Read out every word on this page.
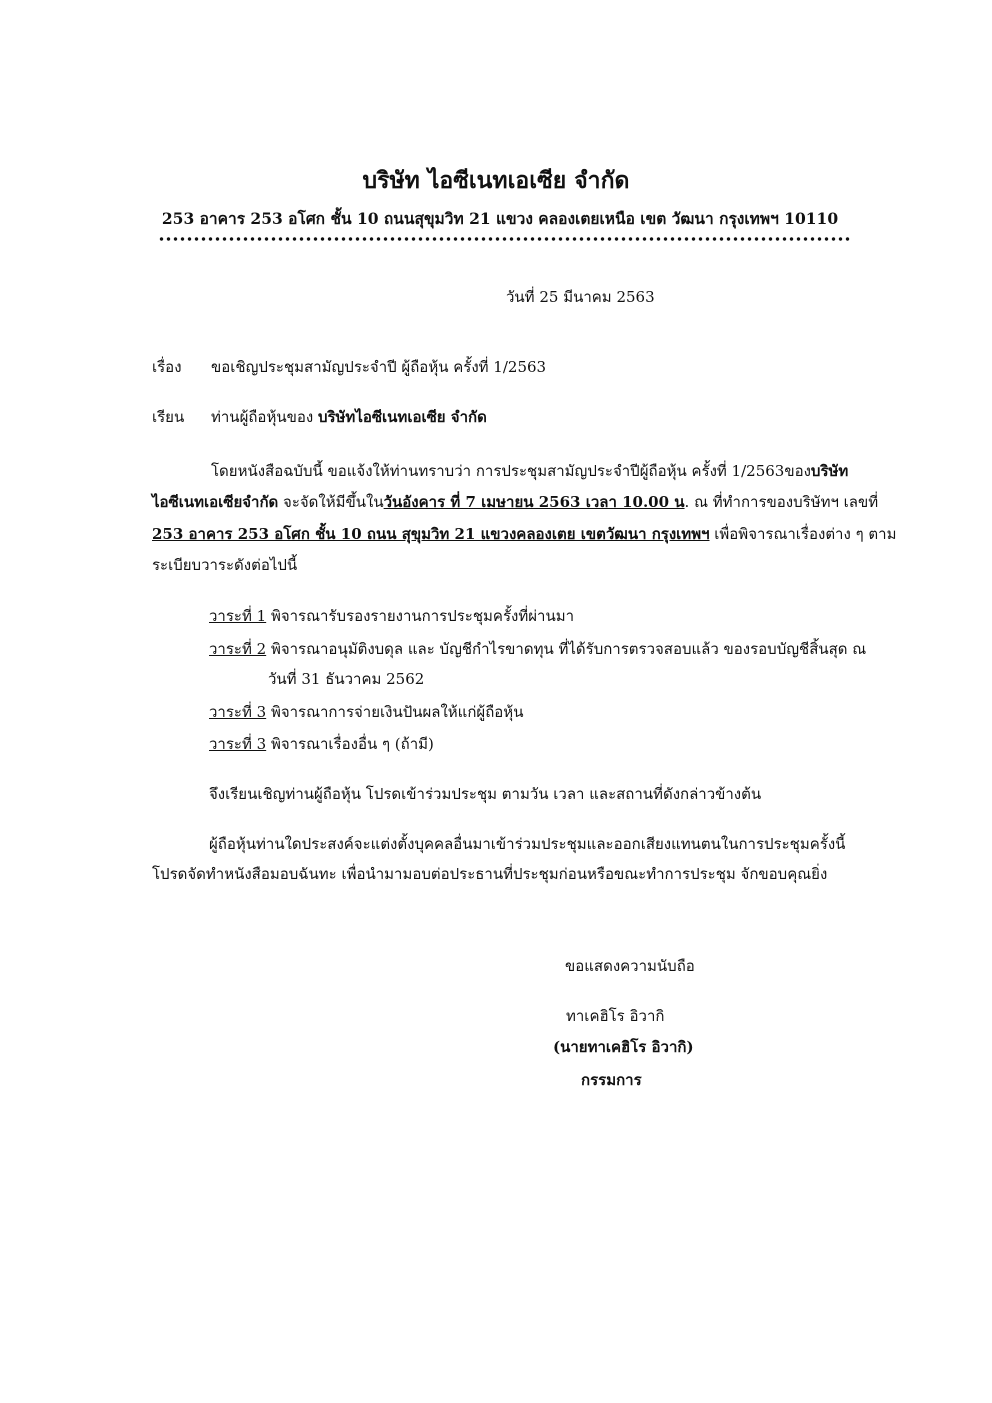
บริษัท ไอซีเนทเอเซีย จำกัด
253 อาคาร 253 อโศก ชั้น 10 ถนนสุขุมวิท 21 แขวง คลองเตยเหนือ เขต วัฒนา กรุงเทพฯ 10110
วันที่ 25 มีนาคม 2563
เรื่อง ขอเชิญประชุมสามัญประจำปี ผู้ถือหุ้น ครั้งที่ 1/2563
เรียน ท่านผู้ถือหุ้นของ บริษัทไอซีเนทเอเซีย จำกัด
โดยหนังสือฉบับนี้ ขอแจ้งให้ท่านทราบว่า การประชุมสามัญประจำปีผู้ถือหุ้น ครั้งที่ 1/2563ของบริษัท
ไอซีเนทเอเซียจำกัด จะจัดให้มีขึ้นในวันอังคาร ที่ 7 เมษายน 2563 เวลา 10.00 น. ณ ที่ทำการของบริษัทฯ เลขที่
253 อาคาร 253 อโศก ชั้น 10 ถนน สุขุมวิท 21 แขวงคลองเตย เขตวัฒนา กรุงเทพฯ เพื่อพิจารณาเรื่องต่าง ๆ ตาม
ระเบียบวาระดังต่อไปนี้
วาระที่ 1 พิจารณารับรองรายงานการประชุมครั้งที่ผ่านมา
วาระที่ 2 พิจารณาอนุมัติงบดุล และ บัญชีกำไรขาดทุน ที่ได้รับการตรวจสอบแล้ว ของรอบบัญชีสิ้นสุด ณ
วันที่ 31 ธันวาคม 2562
วาระที่ 3 พิจารณาการจ่ายเงินปันผลให้แก่ผู้ถือหุ้น
วาระที่ 3 พิจารณาเรื่องอื่น ๆ (ถ้ามี)
จึงเรียนเชิญท่านผู้ถือหุ้น โปรดเข้าร่วมประชุม ตามวัน เวลา และสถานที่ดังกล่าวข้างต้น
ผู้ถือหุ้นท่านใดประสงค์จะแต่งตั้งบุคคลอื่นมาเข้าร่วมประชุมและออกเสียงแทนตนในการประชุมครั้งนี้
โปรดจัดทำหนังสือมอบฉันทะ เพื่อนำมามอบต่อประธานที่ประชุมก่อนหรือขณะทำการประชุม จักขอบคุณยิ่ง
ขอแสดงความนับถือ
ทาเคฮิโร อิวากิ
(นายทาเคฮิโร อิวากิ)
กรรมการ
